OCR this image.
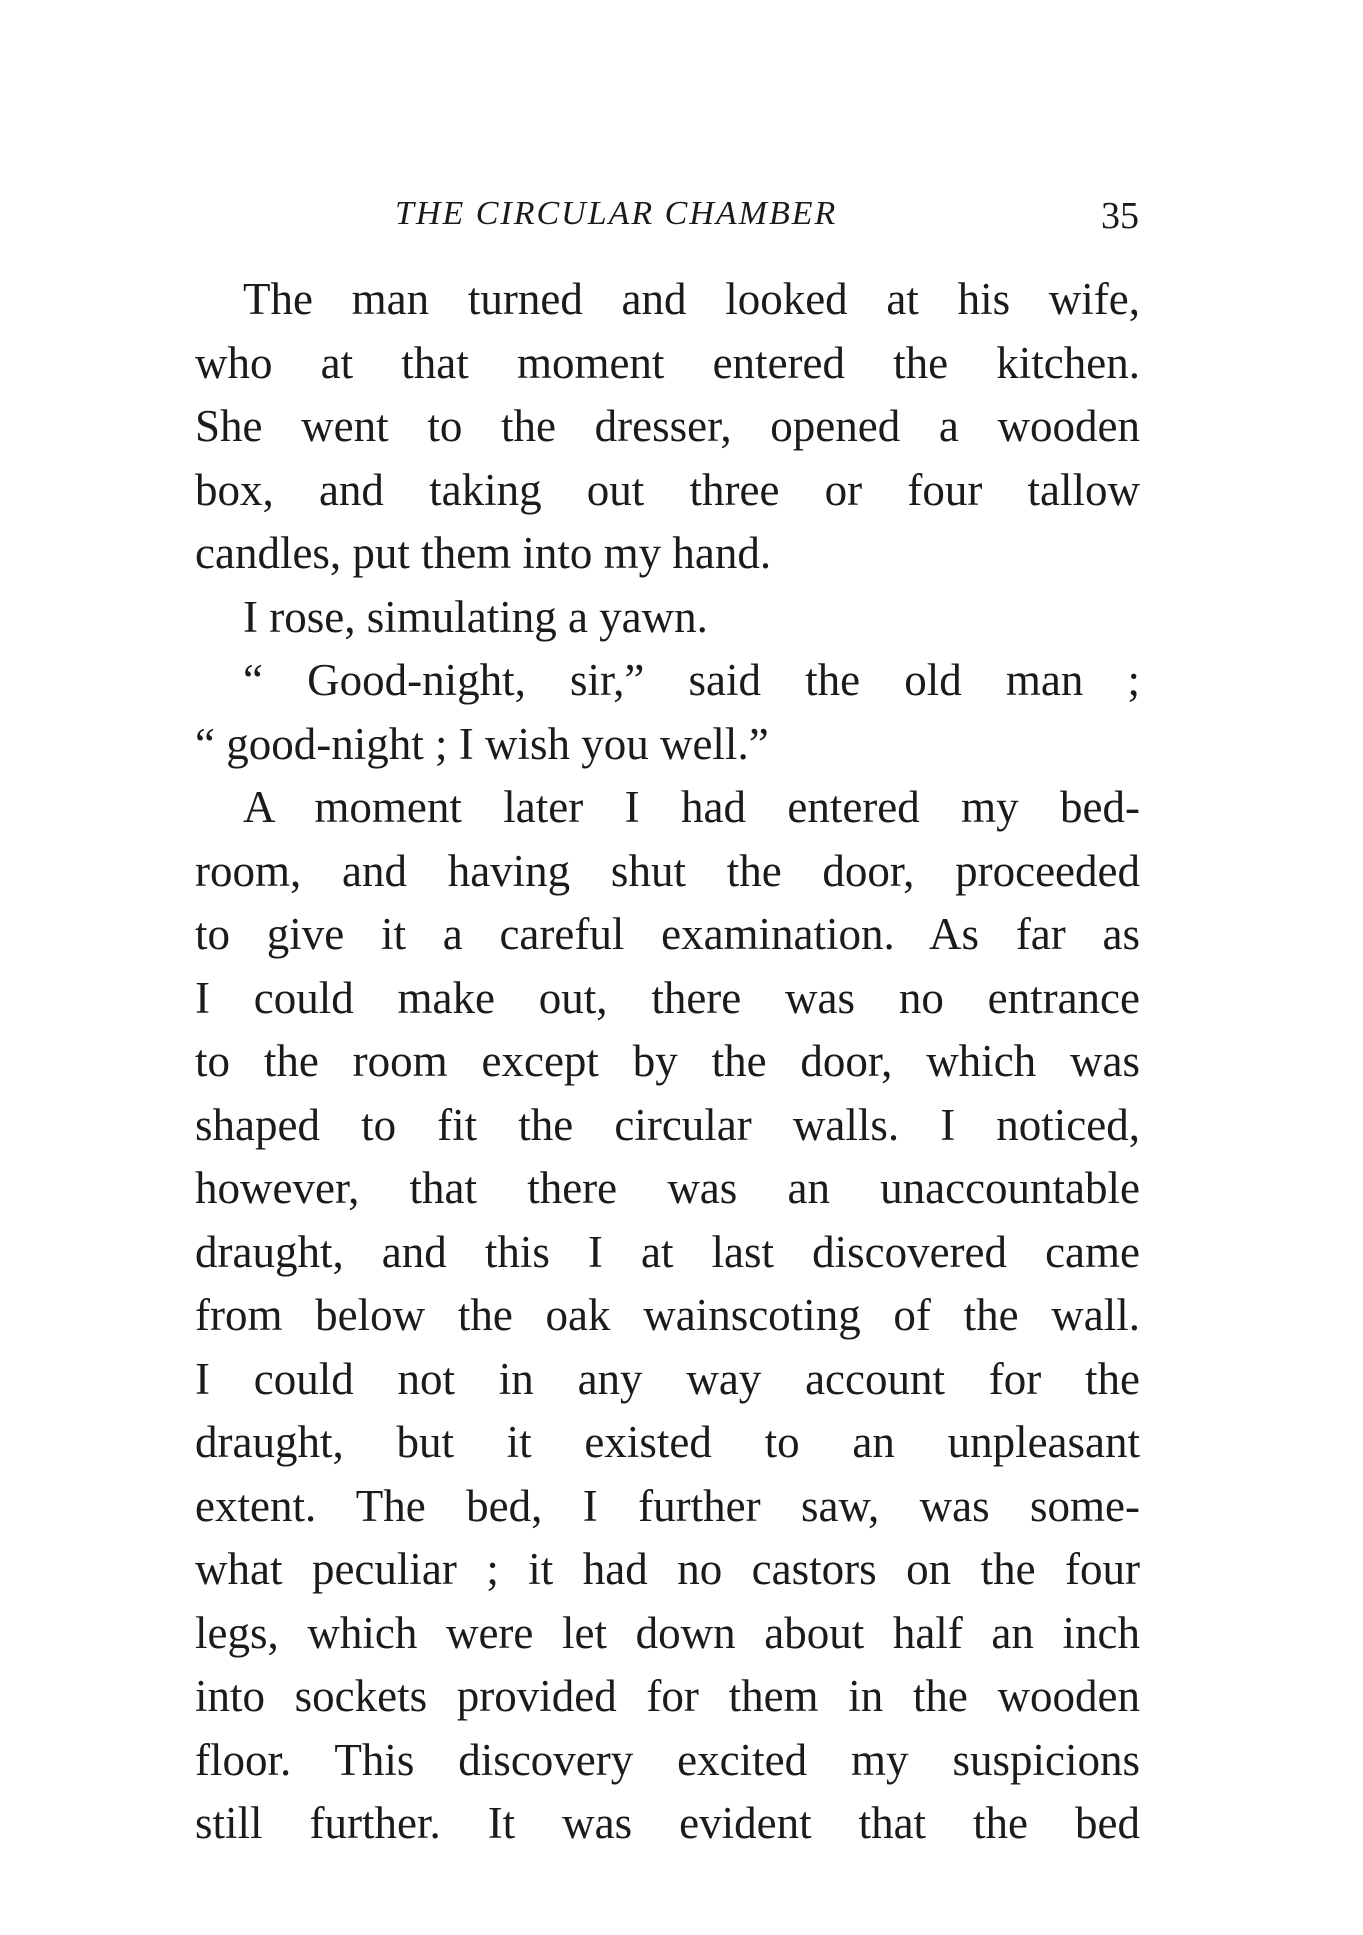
THE CIRCULAR CHAMBER	35
The man turned and looked at his wife,
who at that moment entered the kitchen.
She went to the dresser, opened a wooden
box, and taking out three or four tallow
candles, put them into my hand.
I rose, simulating a yawn.
“ Good-night, sir,” said the old man ;
“ good-night ; I wish you well.”
A moment later I had entered my bed-
room, and having shut the door, proceeded
to give it a careful examination. As far as
I could make out, there was no entrance
to the room except by the door, which was
shaped to fit the circular walls. I noticed,
however, that there was an unaccountable
draught, and this I at last discovered came
from below the oak wainscoting of the wall.
I could not in any way account for the
draught, but it existed to an unpleasant
extent. The bed, I further saw, was some-
what peculiar ; it had no castors on the four
legs, which were let down about half an inch
into sockets provided for them in the wooden
floor. This discovery excited my suspicions
still further. It was evident that the bed
